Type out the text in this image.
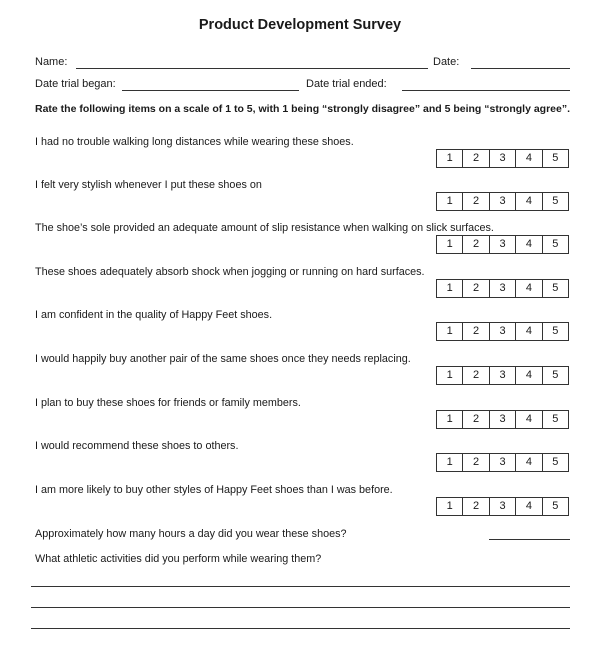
Product Development Survey
Name:	Date:
Date trial began:	Date trial ended:
Rate the following items on a scale of 1 to 5, with 1 being “strongly disagree” and 5 being “strongly agree”.
I had no trouble walking long distances while wearing these shoes.
1	2	3	4	5
I felt very stylish whenever I put these shoes on
1	2	3	4	5
The shoe’s sole provided an adequate amount of slip resistance when walking on slick surfaces.
1	2	3	4	5
These shoes adequately absorb shock when jogging or running on hard surfaces.
1	2	3	4	5
I am confident in the quality of Happy Feet shoes.
1	2	3	4	5
I would happily buy another pair of the same shoes once they needs replacing.
1	2	3	4	5
I plan to buy these shoes for friends or family members.
1	2	3	4	5
I would recommend these shoes to others.
1	2	3	4	5
I am more likely to buy other styles of Happy Feet shoes than I was before.
1	2	3	4	5
Approximately how many hours a day did you wear these shoes?
What athletic activities did you perform while wearing them?
